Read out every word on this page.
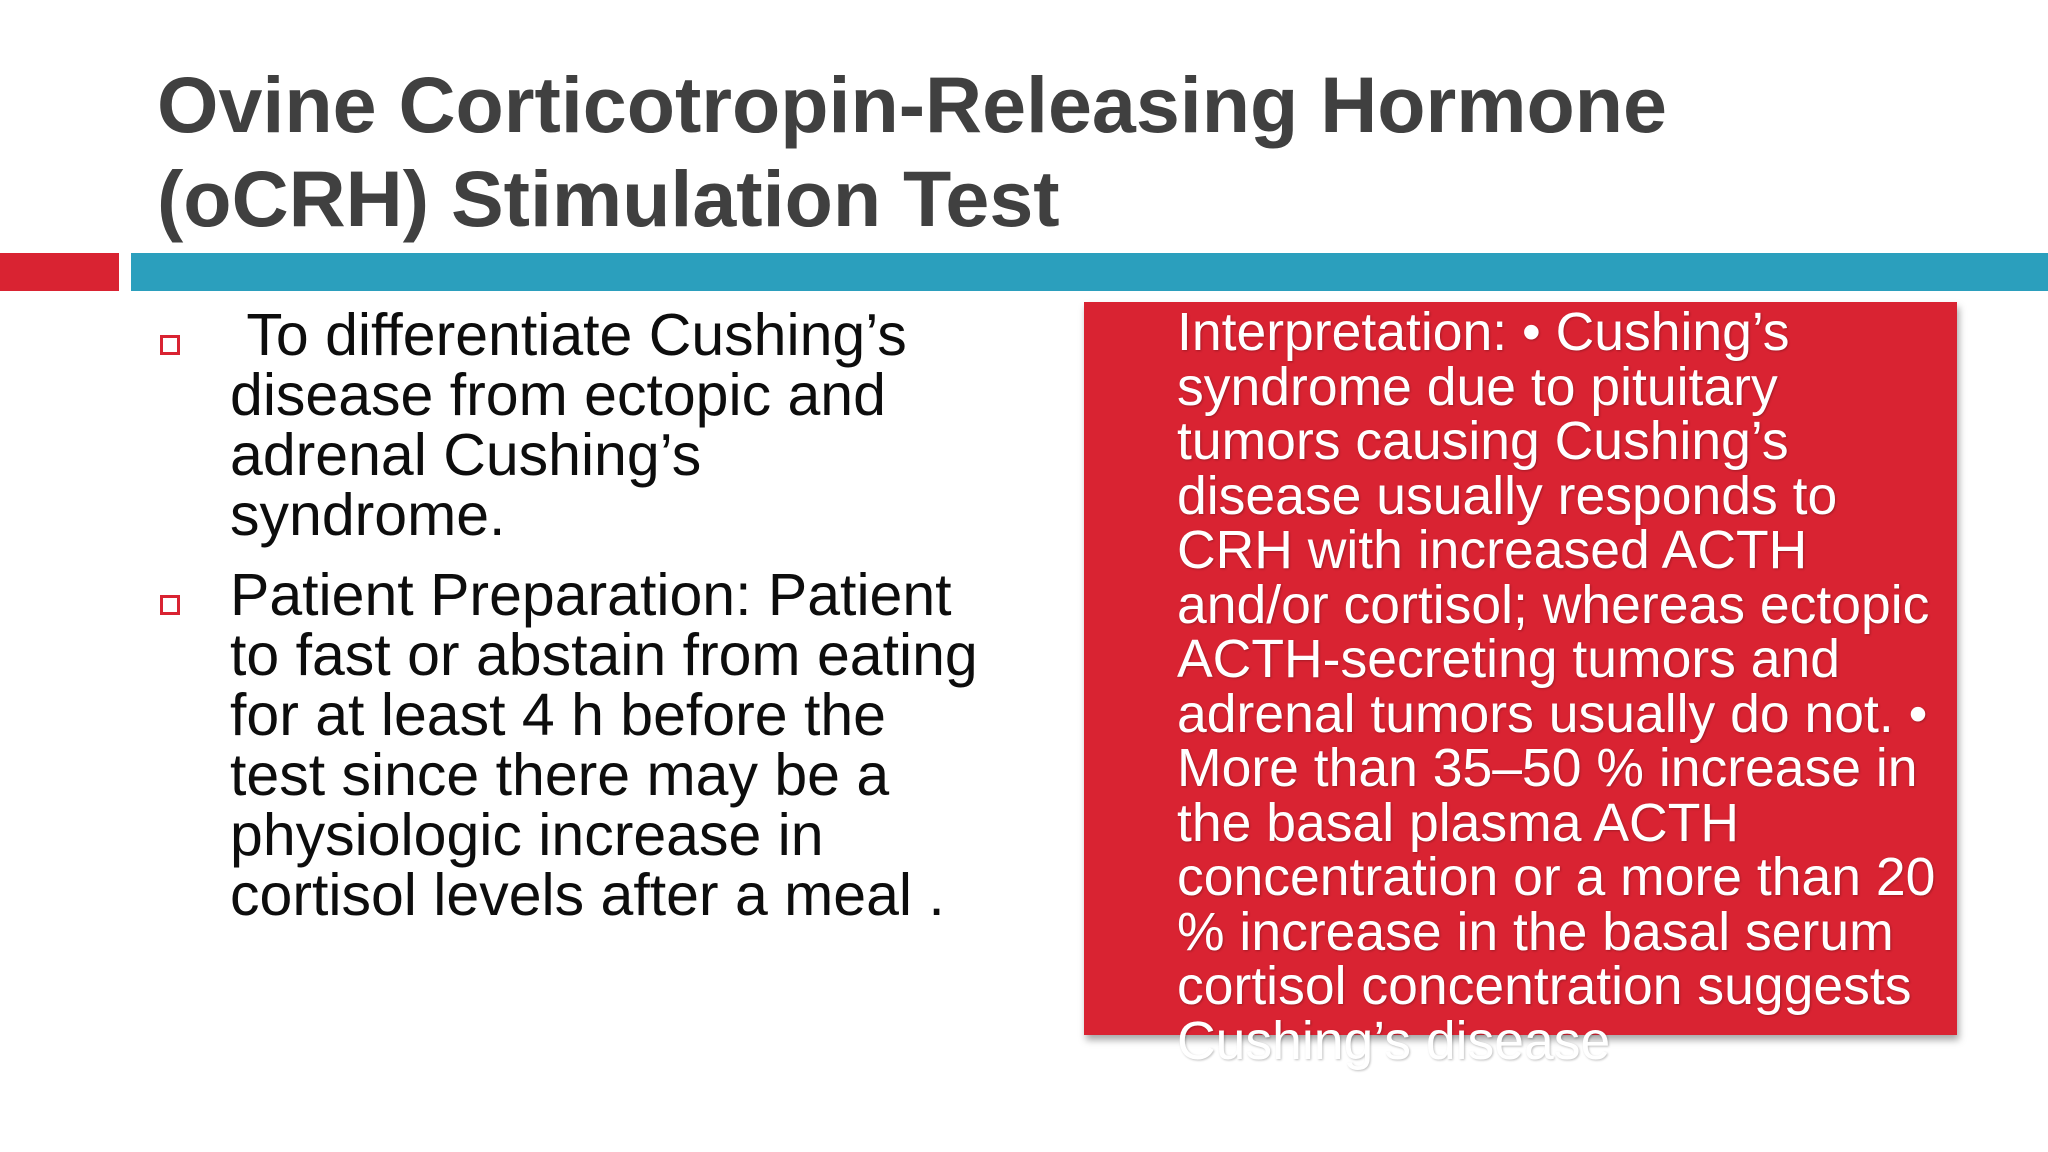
Ovine Corticotropin-Releasing Hormone (oCRH) Stimulation Test
To differentiate Cushing’s disease from ectopic and adrenal Cushing’s syndrome.
Patient Preparation: Patient to fast or abstain from eating for at least 4 h before the test since there may be a physiologic increase in cortisol levels after a meal .

Interpretation: • Cushing’s syndrome due to pituitary tumors causing Cushing’s disease usually responds to CRH with increased ACTH and/or cortisol; whereas ectopic ACTH-secreting tumors and adrenal tumors usually do not. • More than 35–50 % increase in the basal plasma ACTH concentration or a more than 20 % increase in the basal serum cortisol concentration suggests Cushing’s disease
